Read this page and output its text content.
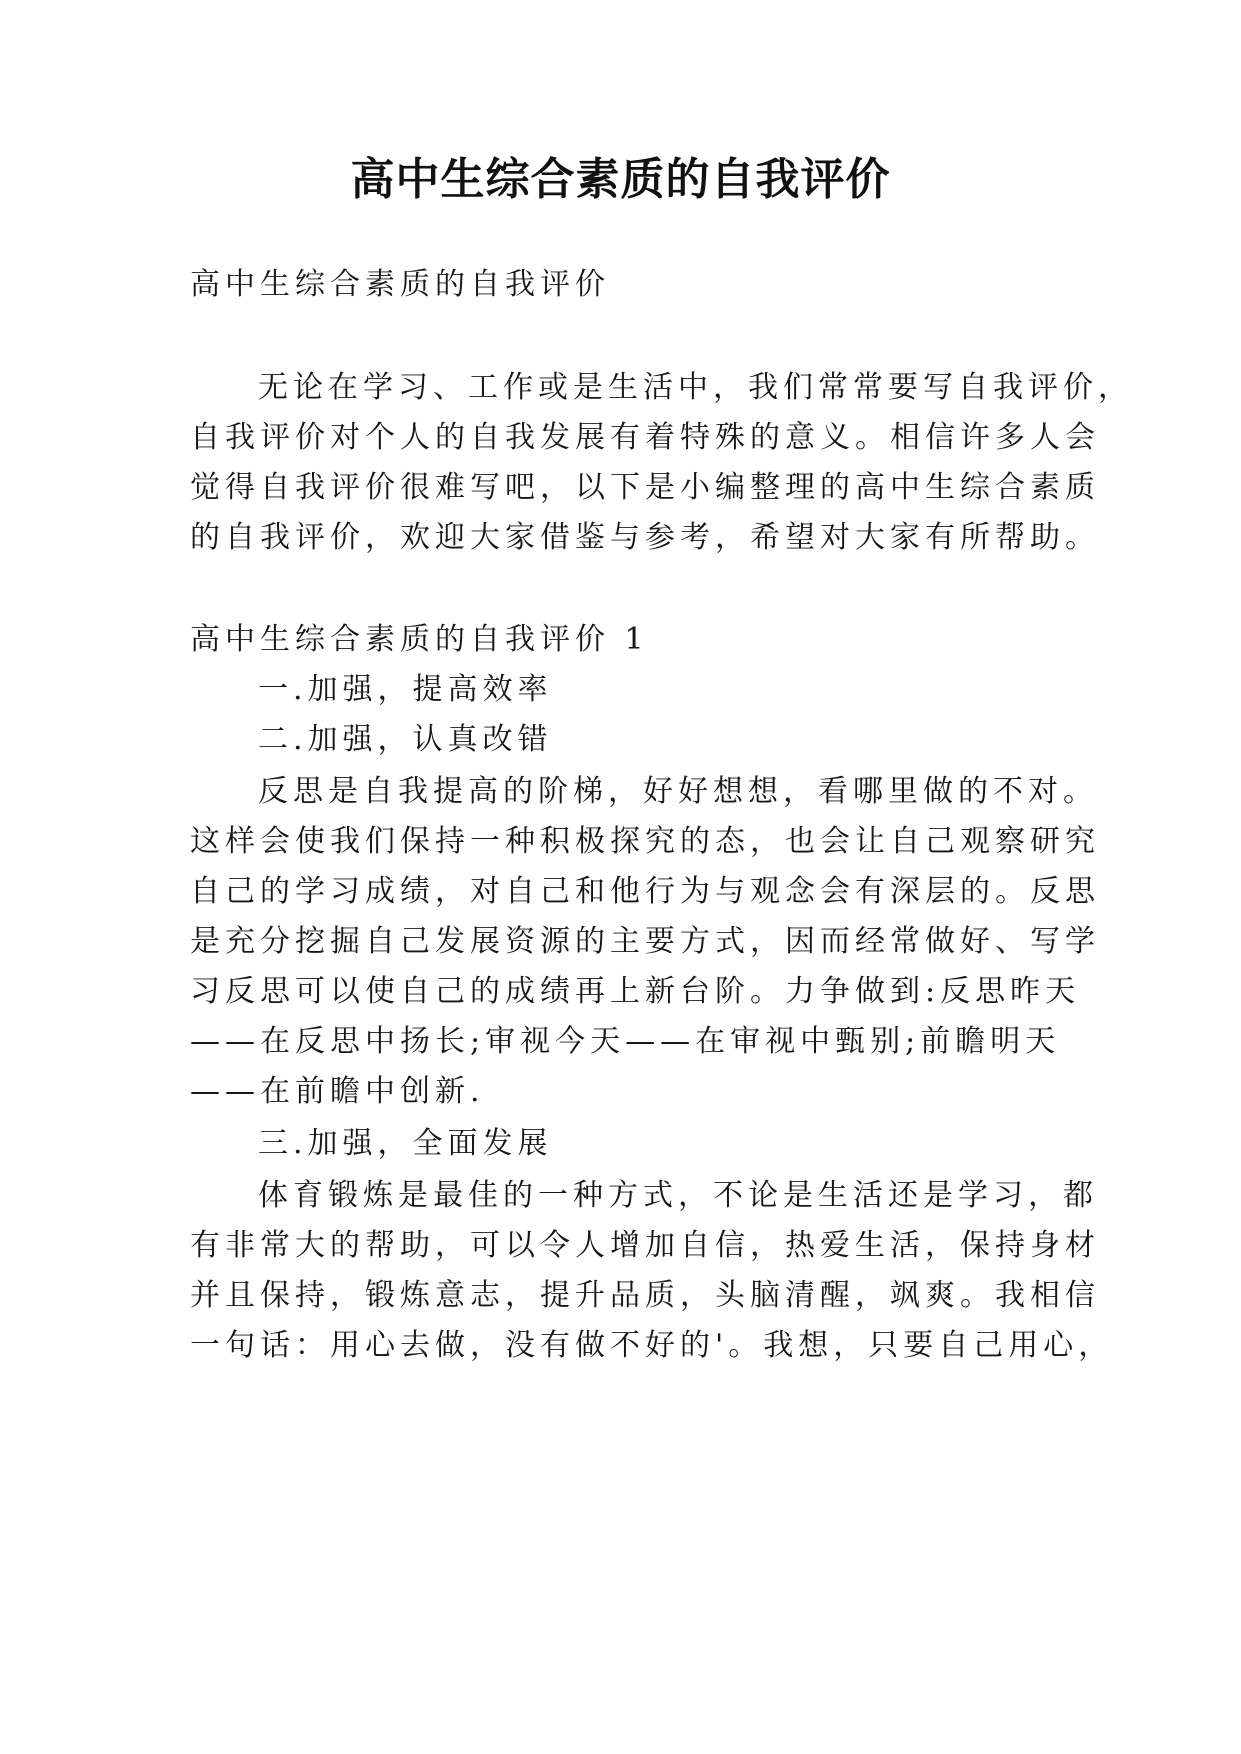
高中生综合素质的自我评价
高中生综合素质的自我评价
无论在学习、工作或是生活中，我们常常要写自我评价，
自我评价对个人的自我发展有着特殊的意义。相信许多人会
觉得自我评价很难写吧，以下是小编整理的高中生综合素质
的自我评价，欢迎大家借鉴与参考，希望对大家有所帮助。
高中生综合素质的自我评价 1
一.加强，提高效率
二.加强，认真改错
反思是自我提高的阶梯，好好想想，看哪里做的不对。
这样会使我们保持一种积极探究的态，也会让自己观察研究
自己的学习成绩，对自己和他行为与观念会有深层的。反思
是充分挖掘自己发展资源的主要方式，因而经常做好、写学
习反思可以使自己的成绩再上新台阶。力争做到:反思昨天
——在反思中扬长;审视今天——在审视中甄别;前瞻明天
——在前瞻中创新.
三.加强，全面发展
体育锻炼是最佳的一种方式，不论是生活还是学习，都
有非常大的帮助，可以令人增加自信，热爱生活，保持身材
并且保持，锻炼意志，提升品质，头脑清醒，飒爽。我相信
一句话：用心去做，没有做不好的'。我想，只要自己用心，
